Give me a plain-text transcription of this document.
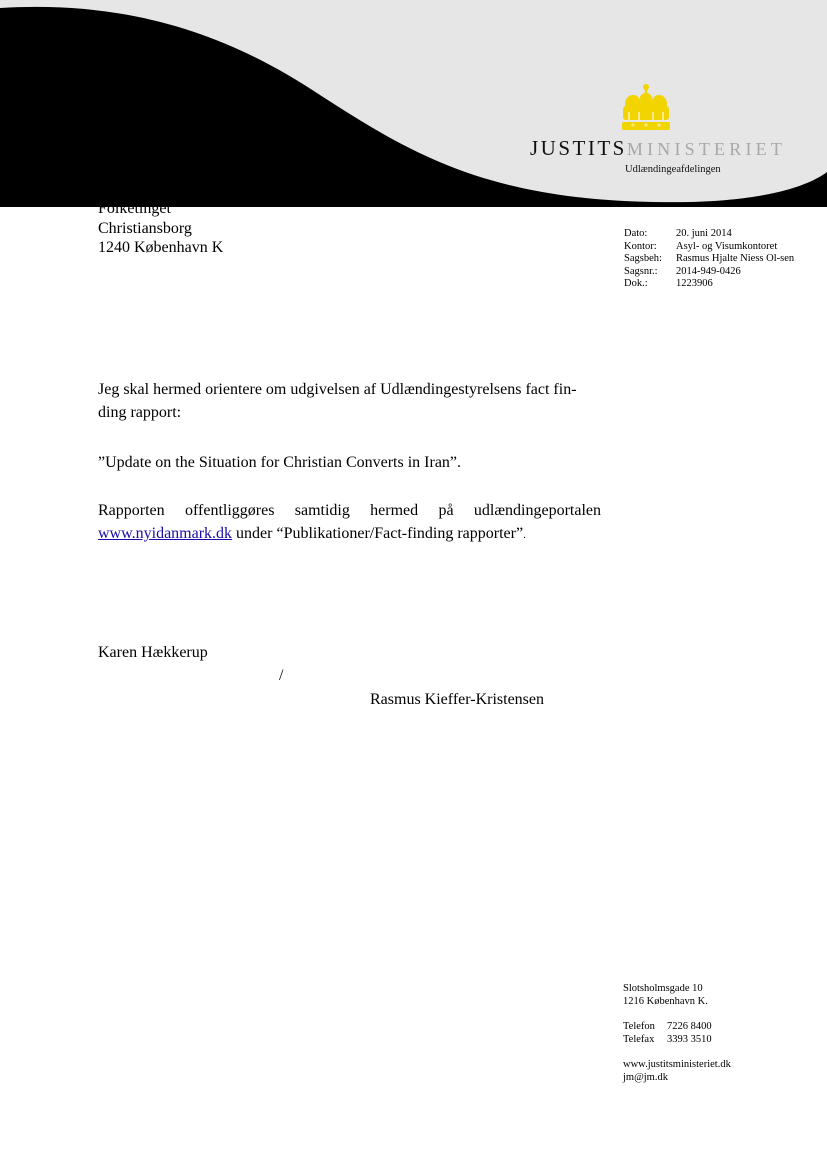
JUSTITSMINISTERIET
Udlændingeafdelingen
Folketinget
Christiansborg
1240 København K
Dato:	20. juni 2014
Kontor:	Asyl- og Visumkontoret
Sagsbeh:	Rasmus Hjalte Niess Ol-sen
Sagsnr.:	2014-949-0426
Dok.:	1223906
Jeg skal hermed orientere om udgivelsen af Udlændingestyrelsens fact fin-ding rapport:
”Update on the Situation for Christian Converts in Iran”.
Rapporten offentliggøres samtidig hermed på udlændingeportalen www.nyidanmark.dk under “Publikationer/Fact-finding rapporter”.
Karen Hækkerup
/
Rasmus Kieffer-Kristensen
Slotsholmsgade 10
1216 København K.
Telefon 7226 8400
Telefax 3393 3510
www.justitsministeriet.dk
jm@jm.dk
